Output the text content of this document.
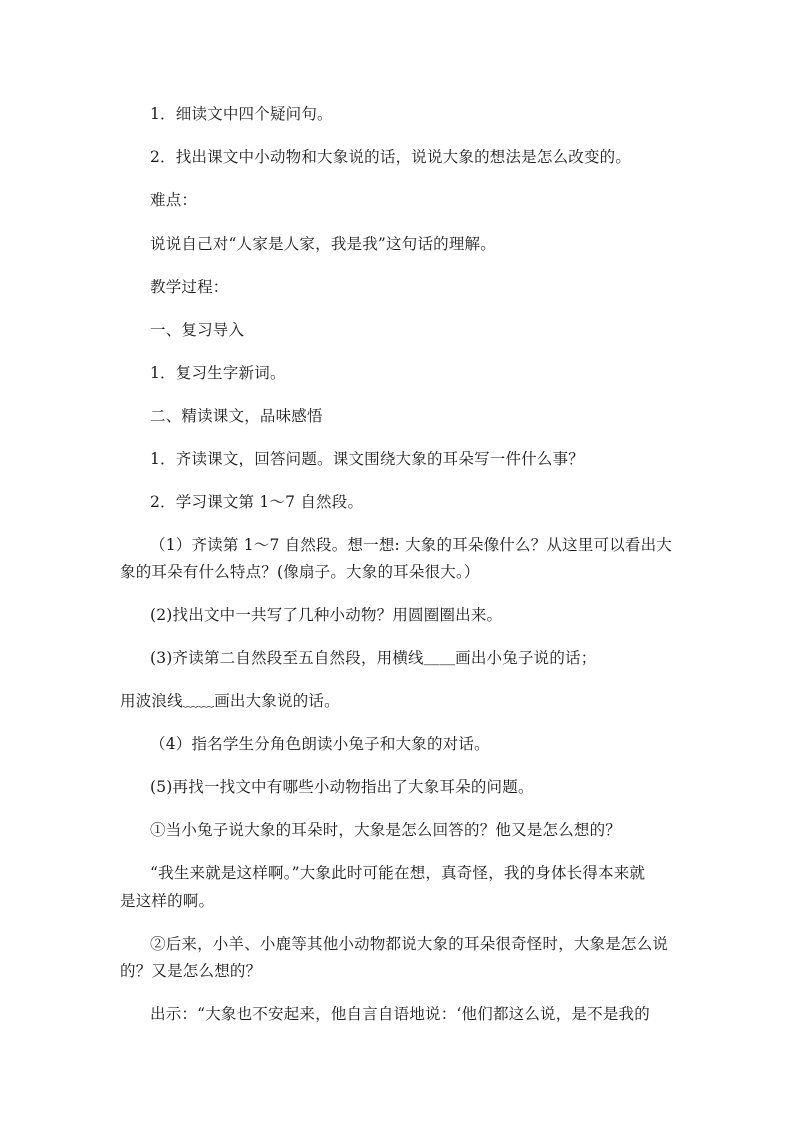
1．细读文中四个疑问句。
2．找出课文中小动物和大象说的话，说说大象的想法是怎么改变的。
难点：
说说自己对“人家是人家，我是我”这句话的理解。
教学过程：
一、复习导入
1．复习生字新词。
二、精读课文，品味感悟
1．齐读课文，回答问题。课文围绕大象的耳朵写一件什么事？
2．学习课文第 1～7 自然段。
（1）齐读第 1～7 自然段。想一想: 大象的耳朵像什么？从这里可以看出大
象的耳朵有什么特点？(像扇子。大象的耳朵很大。）
(2)找出文中一共写了几种小动物？用圆圈圈出来。
(3)齐读第二自然段至五自然段，用横线＿＿画出小兔子说的话；
用波浪线﹏﹏画出大象说的话。
（4）指名学生分角色朗读小兔子和大象的对话。
(5)再找一找文中有哪些小动物指出了大象耳朵的问题。
①当小兔子说大象的耳朵时，大象是怎么回答的？他又是怎么想的？
“我生来就是这样啊。”大象此时可能在想，真奇怪，我的身体长得本来就
是这样的啊。
②后来，小羊、小鹿等其他小动物都说大象的耳朵很奇怪时，大象是怎么说
的？又是怎么想的？
出示：“大象也不安起来，他自言自语地说：‘他们都这么说，是不是我的
